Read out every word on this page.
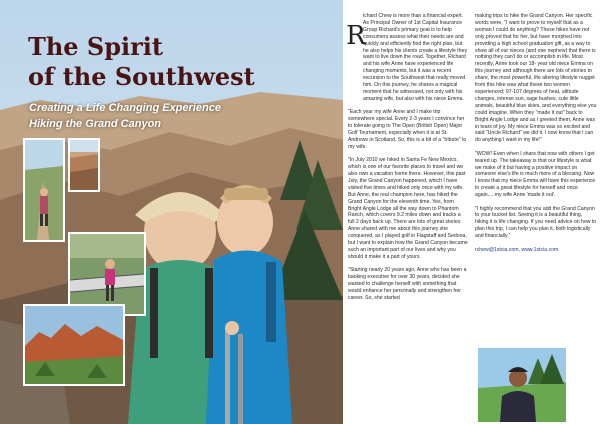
The Spirit
of the Southwest
Creating a Life Changing Experience
Hiking the Grand Canyon
R

ichard Chew is more than a financial expert. As Principal Owner of 1st Capital Insurance Group Richard's primary goal is to help consumers assess what their needs are and quickly and efficiently find the right plan, but he also helps his clients create a lifestyle they want to live down the road. Together, Richard and his wife Anne have experienced life changing moments, but it was a recent excursion to the Southwest that really moved him. On this journey, he shares a magical moment that he witnessed, not only with his amazing wife, but also with his niece Emma.

"Each year my wife Anne and I make trip somewhere special. Every 2-3 years I convince her to tolerate going to The Open (British Open) Major Golf Tournament, especially when it is at St. Andrews in Scotland. So, this is a bit of a "tribute" to my wife.

"In July 2010 we hiked in Santa Fe New Mexico, which is one of our favorite places to travel and we also own a vacation home there. However, this past July, the Grand Canyon happened, which I have visited five times and hiked only once with my wife. But Anne, the real champion here, has hiked the Grand Canyon for the eleventh time. Yes, from Bright Angle Lodge all the way down to Phantom Ranch, which covers 9.2 miles down and tracks a full 2 days back up. There are lots of great stories Anne shared with me about this journey she conquered, as I played golf in Flagstaff and Sedona, but I want to explain how the Grand Canyon became such an important part of our lives and why you should it make it a part of yours.

"Starting nearly 20 years ago, Anne who has been a banking executive for over 30 years, decided she wanted to challenge herself with something that would enhance her personally and strengthen her career. So, she started

making trips to hike the Grand Canyon. Her specific words were, "I want to prove to myself that as a woman I could do anything? These hikes have not only proved that for her, but have morphed into providing a high school graduation gift, as a way to show all of our nieces (and one nephew) that there is nothing they can't do or accomplish in life. Most recently, Anne took our 18- year old niece Emma on this journey and although there are lots of stories to share, the most powerful, life altering lifestyle nugget from this hike was what these two women experienced; 97-107 degrees of heat, altitude changes, intense sun, sage bushes, cute little animals, beautiful blue skies, and everything else you could imagine. When they "made it out" back to Bright Angle Lodge and as I greeted them, Anne was in tears of joy. My niece Emma was so excited and said "Uncle Richard" we did it. I now know that I can do anything I want in my life!"

"WOW! Even when I share that now with others I get teared up. The takeaway is that our lifestyle is what we make of it but having a positive impact on someone else's life is much more of a blessing. Now I know that my niece Emma will have this experience to create a great lifestyle for herself and once again.... my wife Anne 'made it out'.

"I highly recommend that you add the Grand Canyon to your bucket list. Seeing it is a beautiful thing, hiking it is life changing. If you need advice on how to plan this trip, I can help you plan it, both logistically and financially."

rchew@1stcia.com, www.1stcia.com
